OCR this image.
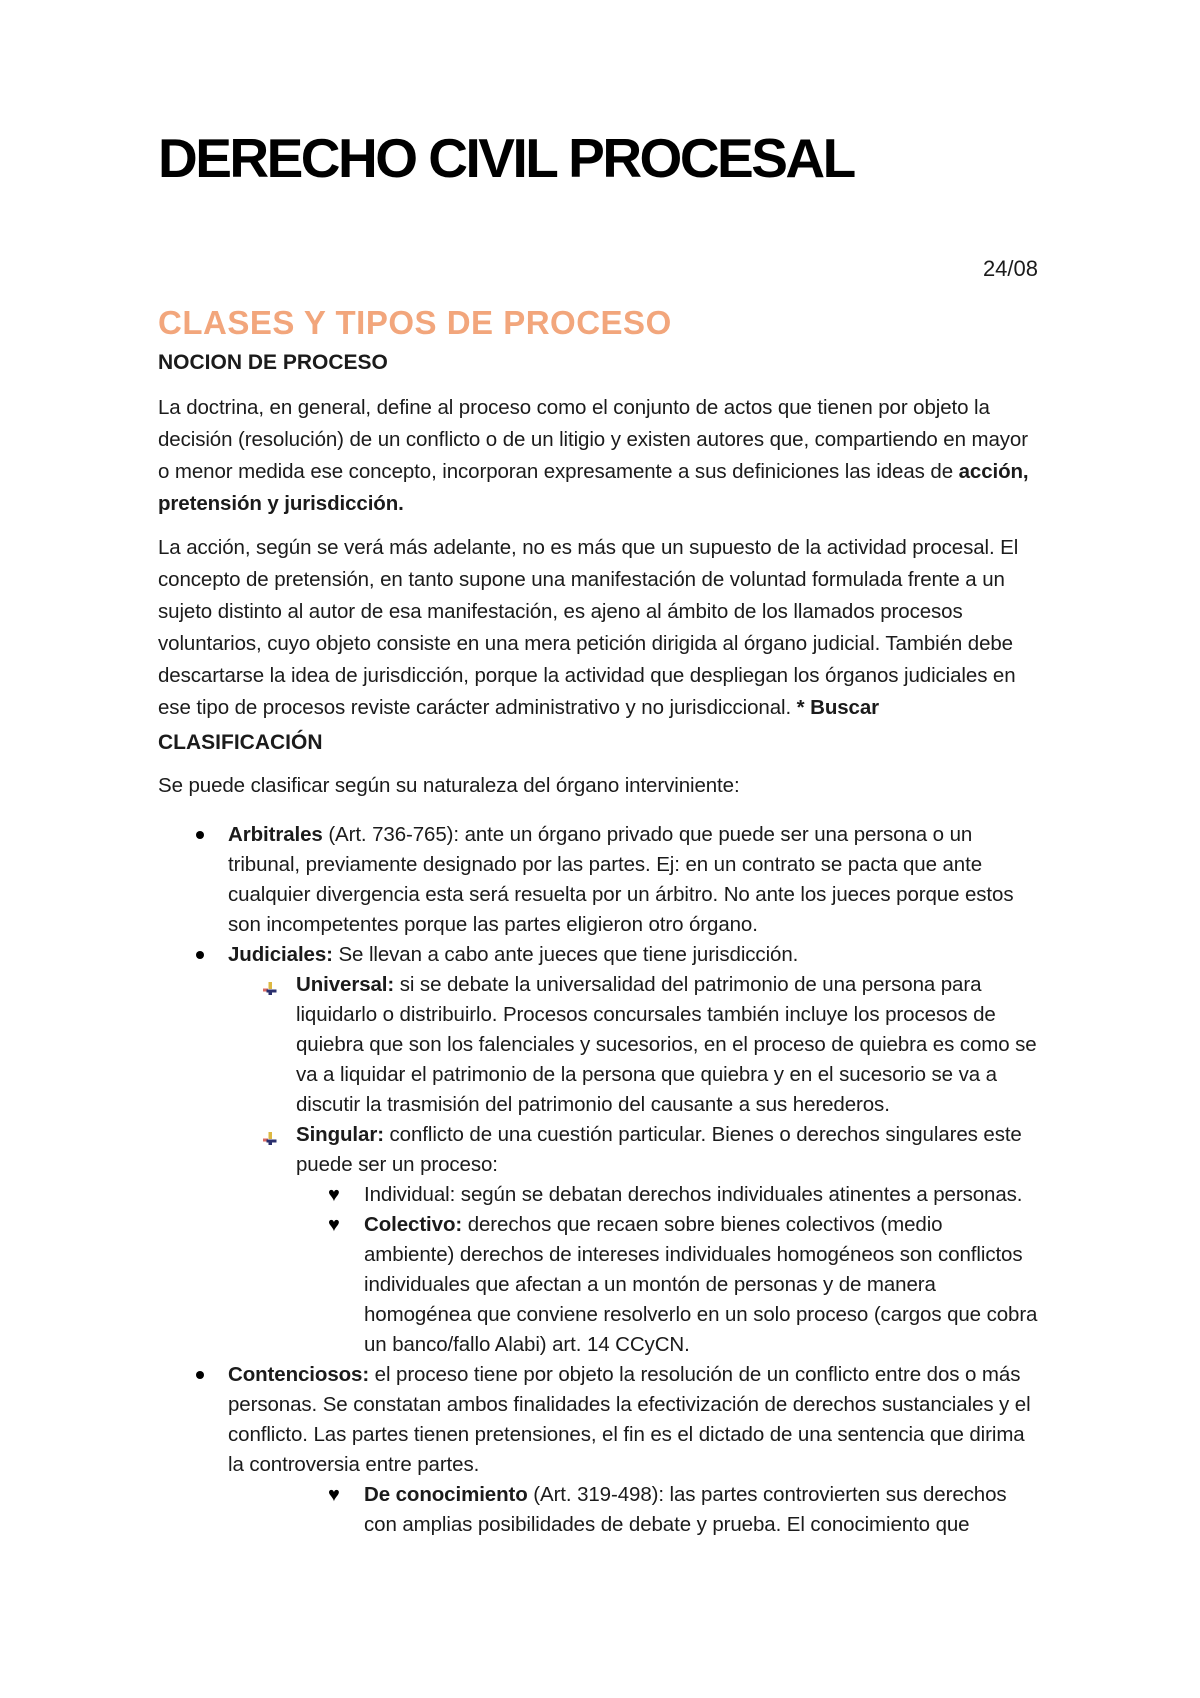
DERECHO CIVIL PROCESAL
24/08
CLASES Y TIPOS DE PROCESO
NOCION DE PROCESO

La doctrina, en general, define al proceso como el conjunto de actos que tienen por objeto la decisión (resolución) de un conflicto o de un litigio y existen autores que, compartiendo en mayor o menor medida ese concepto, incorporan expresamente a sus definiciones las ideas de acción, pretensión y jurisdicción.

La acción, según se verá más adelante, no es más que un supuesto de la actividad procesal. El concepto de pretensión, en tanto supone una manifestación de voluntad formulada frente a un sujeto distinto al autor de esa manifestación, es ajeno al ámbito de los llamados procesos voluntarios, cuyo objeto consiste en una mera petición dirigida al órgano judicial. También debe descartarse la idea de jurisdicción, porque la actividad que despliegan los órganos judiciales en ese tipo de procesos reviste carácter administrativo y no jurisdiccional. * Buscar

CLASIFICACIÓN

Se puede clasificar según su naturaleza del órgano interviniente:

Arbitrales (Art. 736-765): ante un órgano privado que puede ser una persona o un tribunal, previamente designado por las partes. Ej: en un contrato se pacta que ante cualquier divergencia esta será resuelta por un árbitro. No ante los jueces porque estos son incompetentes porque las partes eligieron otro órgano.
Judiciales: Se llevan a cabo ante jueces que tiene jurisdicción.
Universal: si se debate la universalidad del patrimonio de una persona para liquidarlo o distribuirlo. Procesos concursales también incluye los procesos de quiebra que son los falenciales y sucesorios, en el proceso de quiebra es como se va a liquidar el patrimonio de la persona que quiebra y en el sucesorio se va a discutir la trasmisión del patrimonio del causante a sus herederos.
Singular: conflicto de una cuestión particular. Bienes o derechos singulares este puede ser un proceso:
♥ Individual: según se debatan derechos individuales atinentes a personas.
♥ Colectivo: derechos que recaen sobre bienes colectivos (medio ambiente) derechos de intereses individuales homogéneos son conflictos individuales que afectan a un montón de personas y de manera homogénea que conviene resolverlo en un solo proceso (cargos que cobra un banco/fallo Alabi) art. 14 CCyCN.
Contenciosos: el proceso tiene por objeto la resolución de un conflicto entre dos o más personas. Se constatan ambos finalidades la efectivización de derechos sustanciales y el conflicto. Las partes tienen pretensiones, el fin es el dictado de una sentencia que dirima la controversia entre partes.
♥ De conocimiento (Art. 319-498): las partes controvierten sus derechos con amplias posibilidades de debate y prueba. El conocimiento que
